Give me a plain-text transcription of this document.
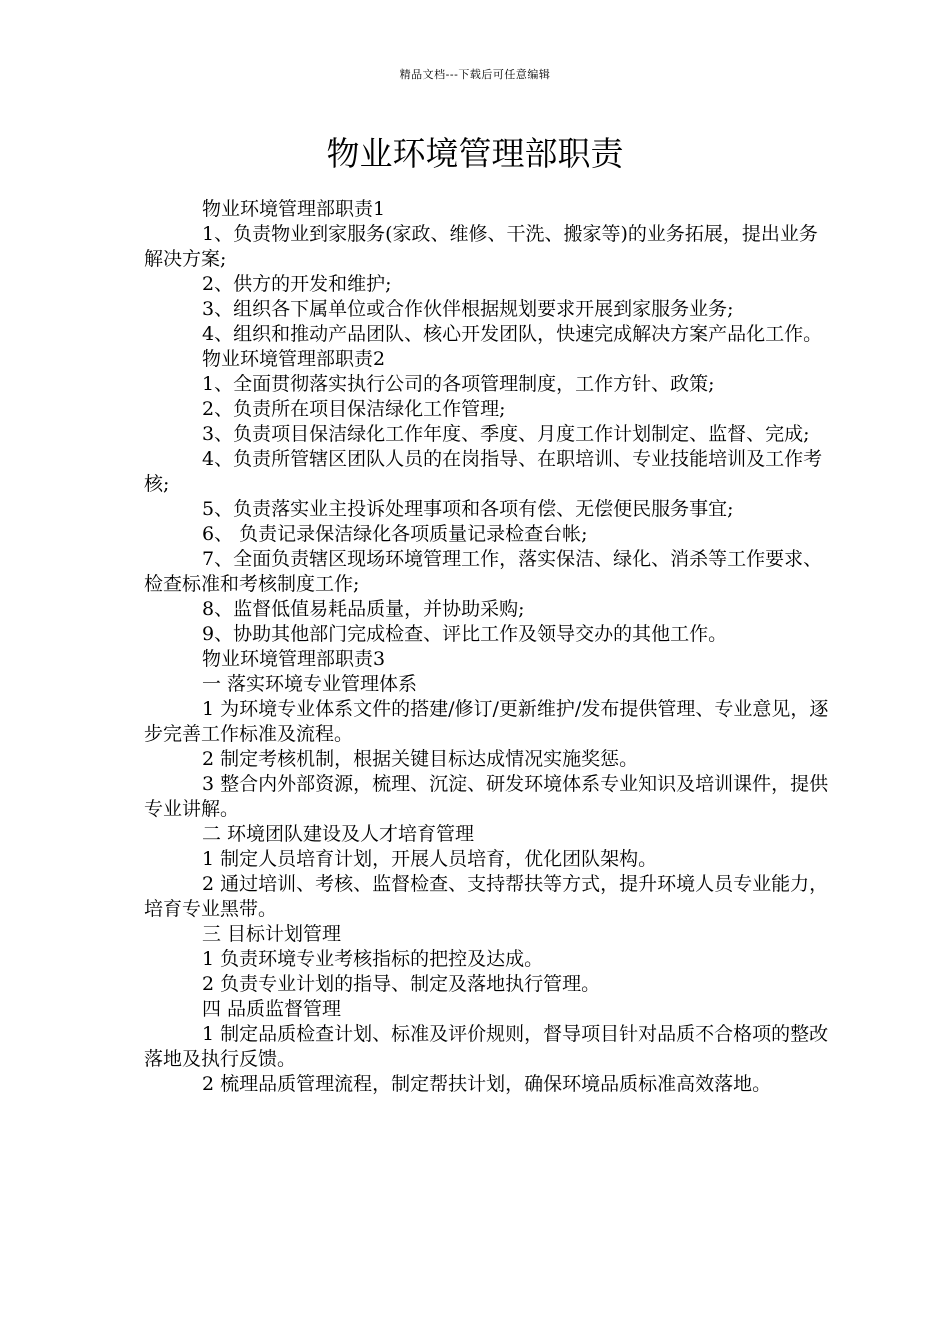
精品文档---下载后可任意编辑
物业环境管理部职责

物业环境管理部职责1

1、负责物业到家服务(家政、维修、干洗、搬家等)的业务拓展，提出业务解决方案;

2、供方的开发和维护;

3、组织各下属单位或合作伙伴根据规划要求开展到家服务业务;

4、组织和推动产品团队、核心开发团队，快速完成解决方案产品化工作。

物业环境管理部职责2

1、全面贯彻落实执行公司的各项管理制度，工作方针、政策;

2、负责所在项目保洁绿化工作管理;

3、负责项目保洁绿化工作年度、季度、月度工作计划制定、监督、完成;

4、负责所管辖区团队人员的在岗指导、在职培训、专业技能培训及工作考核;

5、负责落实业主投诉处理事项和各项有偿、无偿便民服务事宜;

6、 负责记录保洁绿化各项质量记录检查台帐;

7、全面负责辖区现场环境管理工作，落实保洁、绿化、消杀等工作要求、检查标准和考核制度工作;

8、监督低值易耗品质量，并协助采购;

9、协助其他部门完成检查、评比工作及领导交办的其他工作。

物业环境管理部职责3

一 落实环境专业管理体系

1 为环境专业体系文件的搭建/修订/更新维护/发布提供管理、专业意见，逐步完善工作标准及流程。

2 制定考核机制，根据关键目标达成情况实施奖惩。

3 整合内外部资源，梳理、沉淀、研发环境体系专业知识及培训课件，提供专业讲解。

二 环境团队建设及人才培育管理

1 制定人员培育计划，开展人员培育，优化团队架构。

2 通过培训、考核、监督检查、支持帮扶等方式，提升环境人员专业能力，培育专业黑带。

三 目标计划管理

1 负责环境专业考核指标的把控及达成。

2 负责专业计划的指导、制定及落地执行管理。

四 品质监督管理

1 制定品质检查计划、标准及评价规则，督导项目针对品质不合格项的整改落地及执行反馈。

2 梳理品质管理流程，制定帮扶计划，确保环境品质标准高效落地。
